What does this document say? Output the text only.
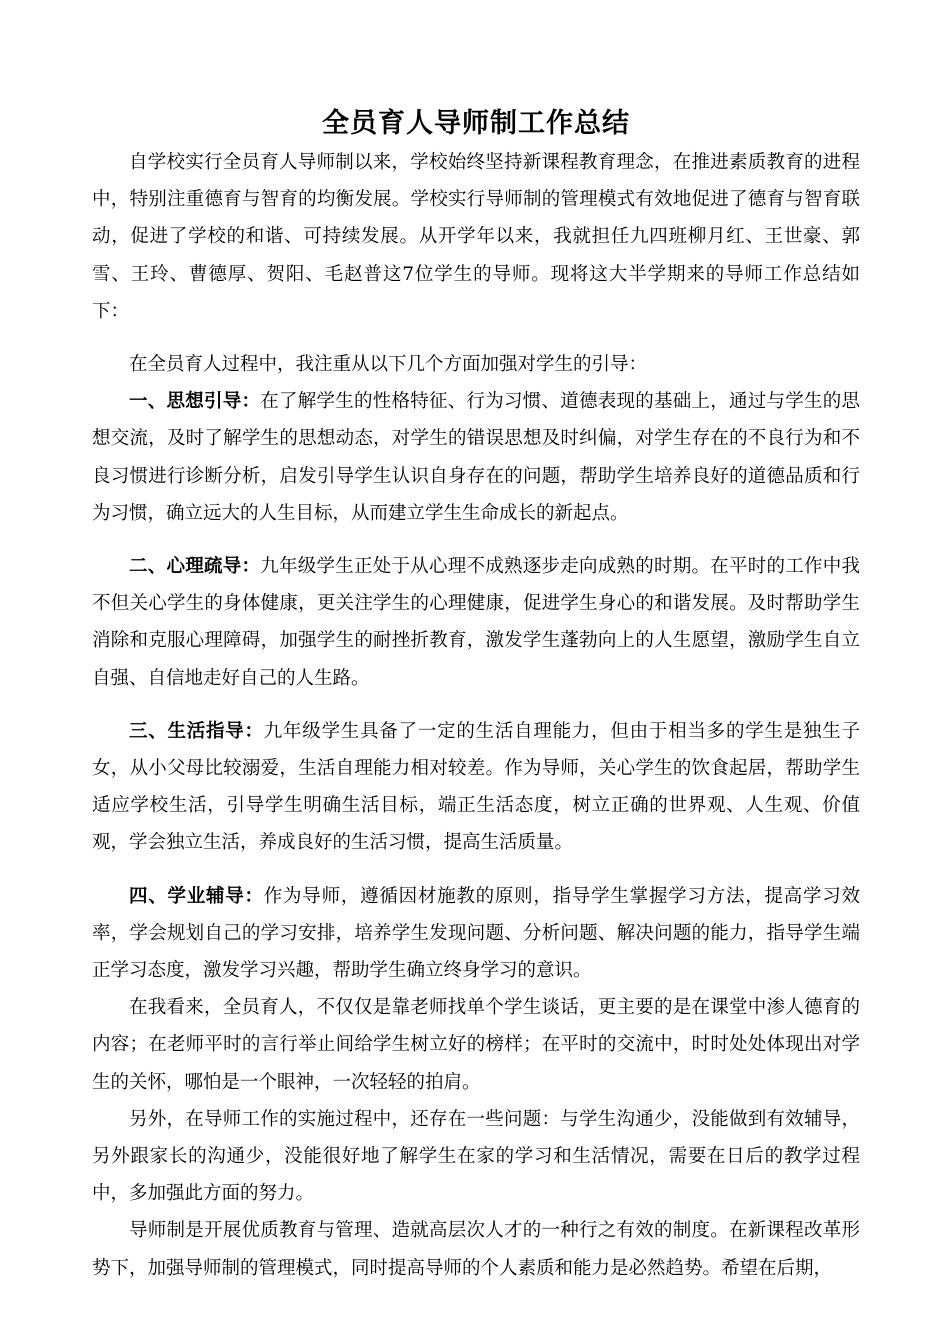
全员育人导师制工作总结

自学校实行全员育人导师制以来，学校始终坚持新课程教育理念，在推进素质教育的进程中，特别注重德育与智育的均衡发展。学校实行导师制的管理模式有效地促进了德育与智育联动，促进了学校的和谐、可持续发展。从开学年以来，我就担任九四班柳月红、王世豪、郭雪、王玲、曹德厚、贺阳、毛赵普这7位学生的导师。现将这大半学期来的导师工作总结如下：

在全员育人过程中，我注重从以下几个方面加强对学生的引导：

一、思想引导：在了解学生的性格特征、行为习惯、道德表现的基础上，通过与学生的思想交流，及时了解学生的思想动态，对学生的错误思想及时纠偏，对学生存在的不良行为和不良习惯进行诊断分析，启发引导学生认识自身存在的问题，帮助学生培养良好的道德品质和行为习惯，确立远大的人生目标，从而建立学生生命成长的新起点。

二、心理疏导：九年级学生正处于从心理不成熟逐步走向成熟的时期。在平时的工作中我不但关心学生的身体健康，更关注学生的心理健康，促进学生身心的和谐发展。及时帮助学生消除和克服心理障碍，加强学生的耐挫折教育，激发学生蓬勃向上的人生愿望，激励学生自立自强、自信地走好自己的人生路。

三、生活指导：九年级学生具备了一定的生活自理能力，但由于相当多的学生是独生子女，从小父母比较溺爱，生活自理能力相对较差。作为导师，关心学生的饮食起居，帮助学生适应学校生活，引导学生明确生活目标，端正生活态度，树立正确的世界观、人生观、价值观，学会独立生活，养成良好的生活习惯，提高生活质量。

四、学业辅导：作为导师，遵循因材施教的原则，指导学生掌握学习方法，提高学习效率，学会规划自己的学习安排，培养学生发现问题、分析问题、解决问题的能力，指导学生端正学习态度，激发学习兴趣，帮助学生确立终身学习的意识。

在我看来，全员育人，不仅仅是靠老师找单个学生谈话，更主要的是在课堂中渗人德育的内容；在老师平时的言行举止间给学生树立好的榜样；在平时的交流中，时时处处体现出对学生的关怀，哪怕是一个眼神，一次轻轻的拍肩。

另外，在导师工作的实施过程中，还存在一些问题：与学生沟通少，没能做到有效辅导，另外跟家长的沟通少，没能很好地了解学生在家的学习和生活情况，需要在日后的教学过程中，多加强此方面的努力。

导师制是开展优质教育与管理、造就高层次人才的一种行之有效的制度。在新课程改革形势下，加强导师制的管理模式，同时提高导师的个人素质和能力是必然趋势。希望在后期，
